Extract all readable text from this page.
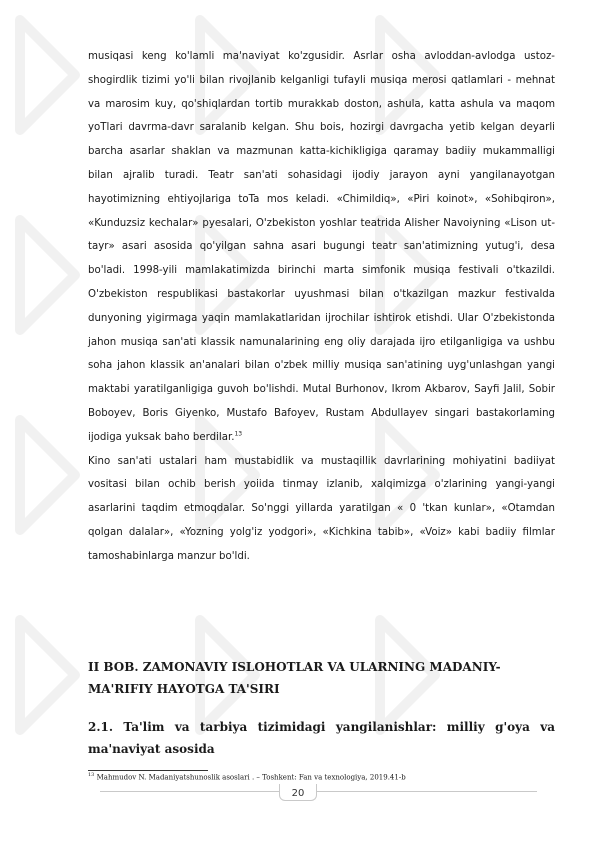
musiqasi keng ko'lamli ma'naviyat ko'zgusidir. Asrlar osha avloddan-avlodga ustoz-shogirdlik tizimi yo'li bilan rivojlanib kelganligi tufayli musiqa merosi qatlamlari - mehnat va marosim kuy, qo'shiqlardan tortib murakkab doston, ashula, katta ashula va maqom yoTlari davrma-davr saralanib kelgan. Shu bois, hozirgi davrgacha yetib kelgan deyarli barcha asarlar shaklan va mazmunan katta-kichikligiga qaramay badiiy mukammalligi bilan ajralib turadi. Teatr san'ati sohasidagi ijodiy jarayon ayni yangilanayotgan hayotimizning ehtiyojlariga toTa mos keladi. «Chimildiq», «Piri koinot», «Sohibqiron», «Kunduzsiz kechalar» pyesalari, O'zbekiston yoshlar teatrida Alisher Navoiyning «Lison ut-tayr» asari asosida qo'yilgan sahna asari bugungi teatr san'atimizning yutug'i, desa bo'ladi. 1998-yili mamlakatimizda birinchi marta simfonik musiqa festivali o'tkazildi. O'zbekiston respublikasi bastakorlar uyushmasi bilan o'tkazilgan mazkur festivalda dunyoning yigirmaga yaqin mamlakatlaridan ijrochilar ishtirok etishdi. Ular O'zbekistonda jahon musiqa san'ati klassik namunalarining eng oliy darajada ijro etilganligiga va ushbu soha jahon klassik an'analari bilan o'zbek milliy musiqa san'atining uyg'unlashgan yangi maktabi yaratilganligiga guvoh bo'lishdi. Mutal Burhonov, Ikrom Akbarov, Sayfi Jalil, Sobir Boboyev, Boris Giyenko, Mustafo Bafoyev, Rustam Abdullayev singari bastakorlaming ijodiga yuksak baho berdilar.$^{13}$

Kino san'ati ustalari ham mustabidlik va mustaqillik davrlarining mohiyatini badiiyat vositasi bilan ochib berish yoiida tinmay izlanib, xalqimizga o'zlarining yangi-yangi asarlarini taqdim etmoqdalar. So'nggi yillarda yaratilgan « 0 'tkan kunlar», «Otamdan qolgan dalalar», «Yozning yolg'iz yodgori», «Kichkina tabib», «Voiz» kabi badiiy filmlar tamoshabinlarga manzur bo'ldi.

II BOB. ZAMONAVIY ISLOHOTLAR VA ULARNING MADANIY-MA'RIFIY HAYOTGA TA'SIRI
2.1. Ta'lim va tarbiya tizimidagi yangilanishlar: milliy g'oya va ma'naviyat asosida

$^{13}$ Mahmudov N. Madaniyatshunoslik asoslari . – Toshkent: Fan va texnologiya, 2019.41-b

20
